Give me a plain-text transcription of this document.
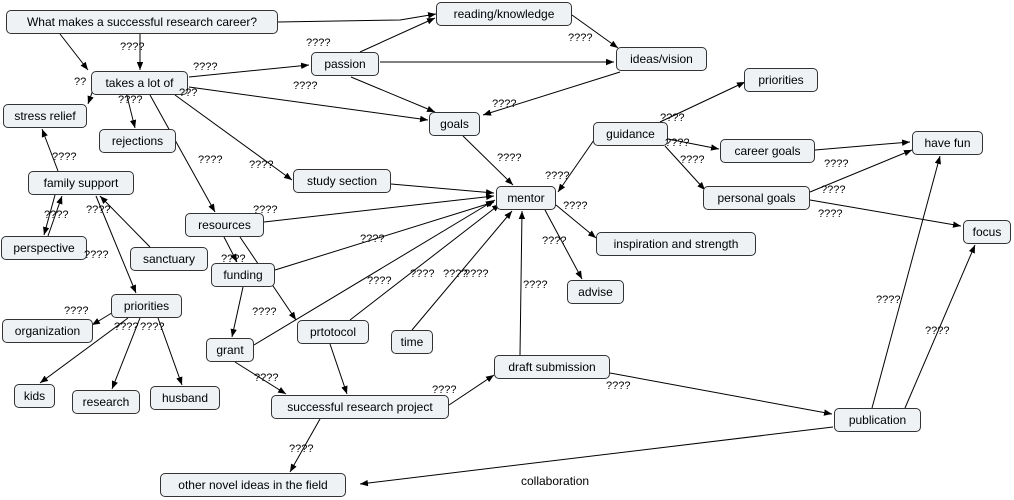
What makes a successful research career?
takes a lot of
reading/knowledge
passion	ideas/vision
priorities
stress relief
rejections
goals
guidance
career goals
have fun
family support	study section
mentor	personal goals
resources	focus
perspective	inspiration and strength
sanctuary
funding
advise
priorities
organization	prtotocol
time
grant
draft submission
kids	research	husband
successful research project
publication
other novel ideas in the field
????	????	????
??
????
????
???
????
????
????
????
????
????
????
????
????
???? ????
????
????	????
???? ????	????
????	????
????	????
????
???? ????
????
????
????
???? ????
????
????
????
????
????	????
????
collaboration
